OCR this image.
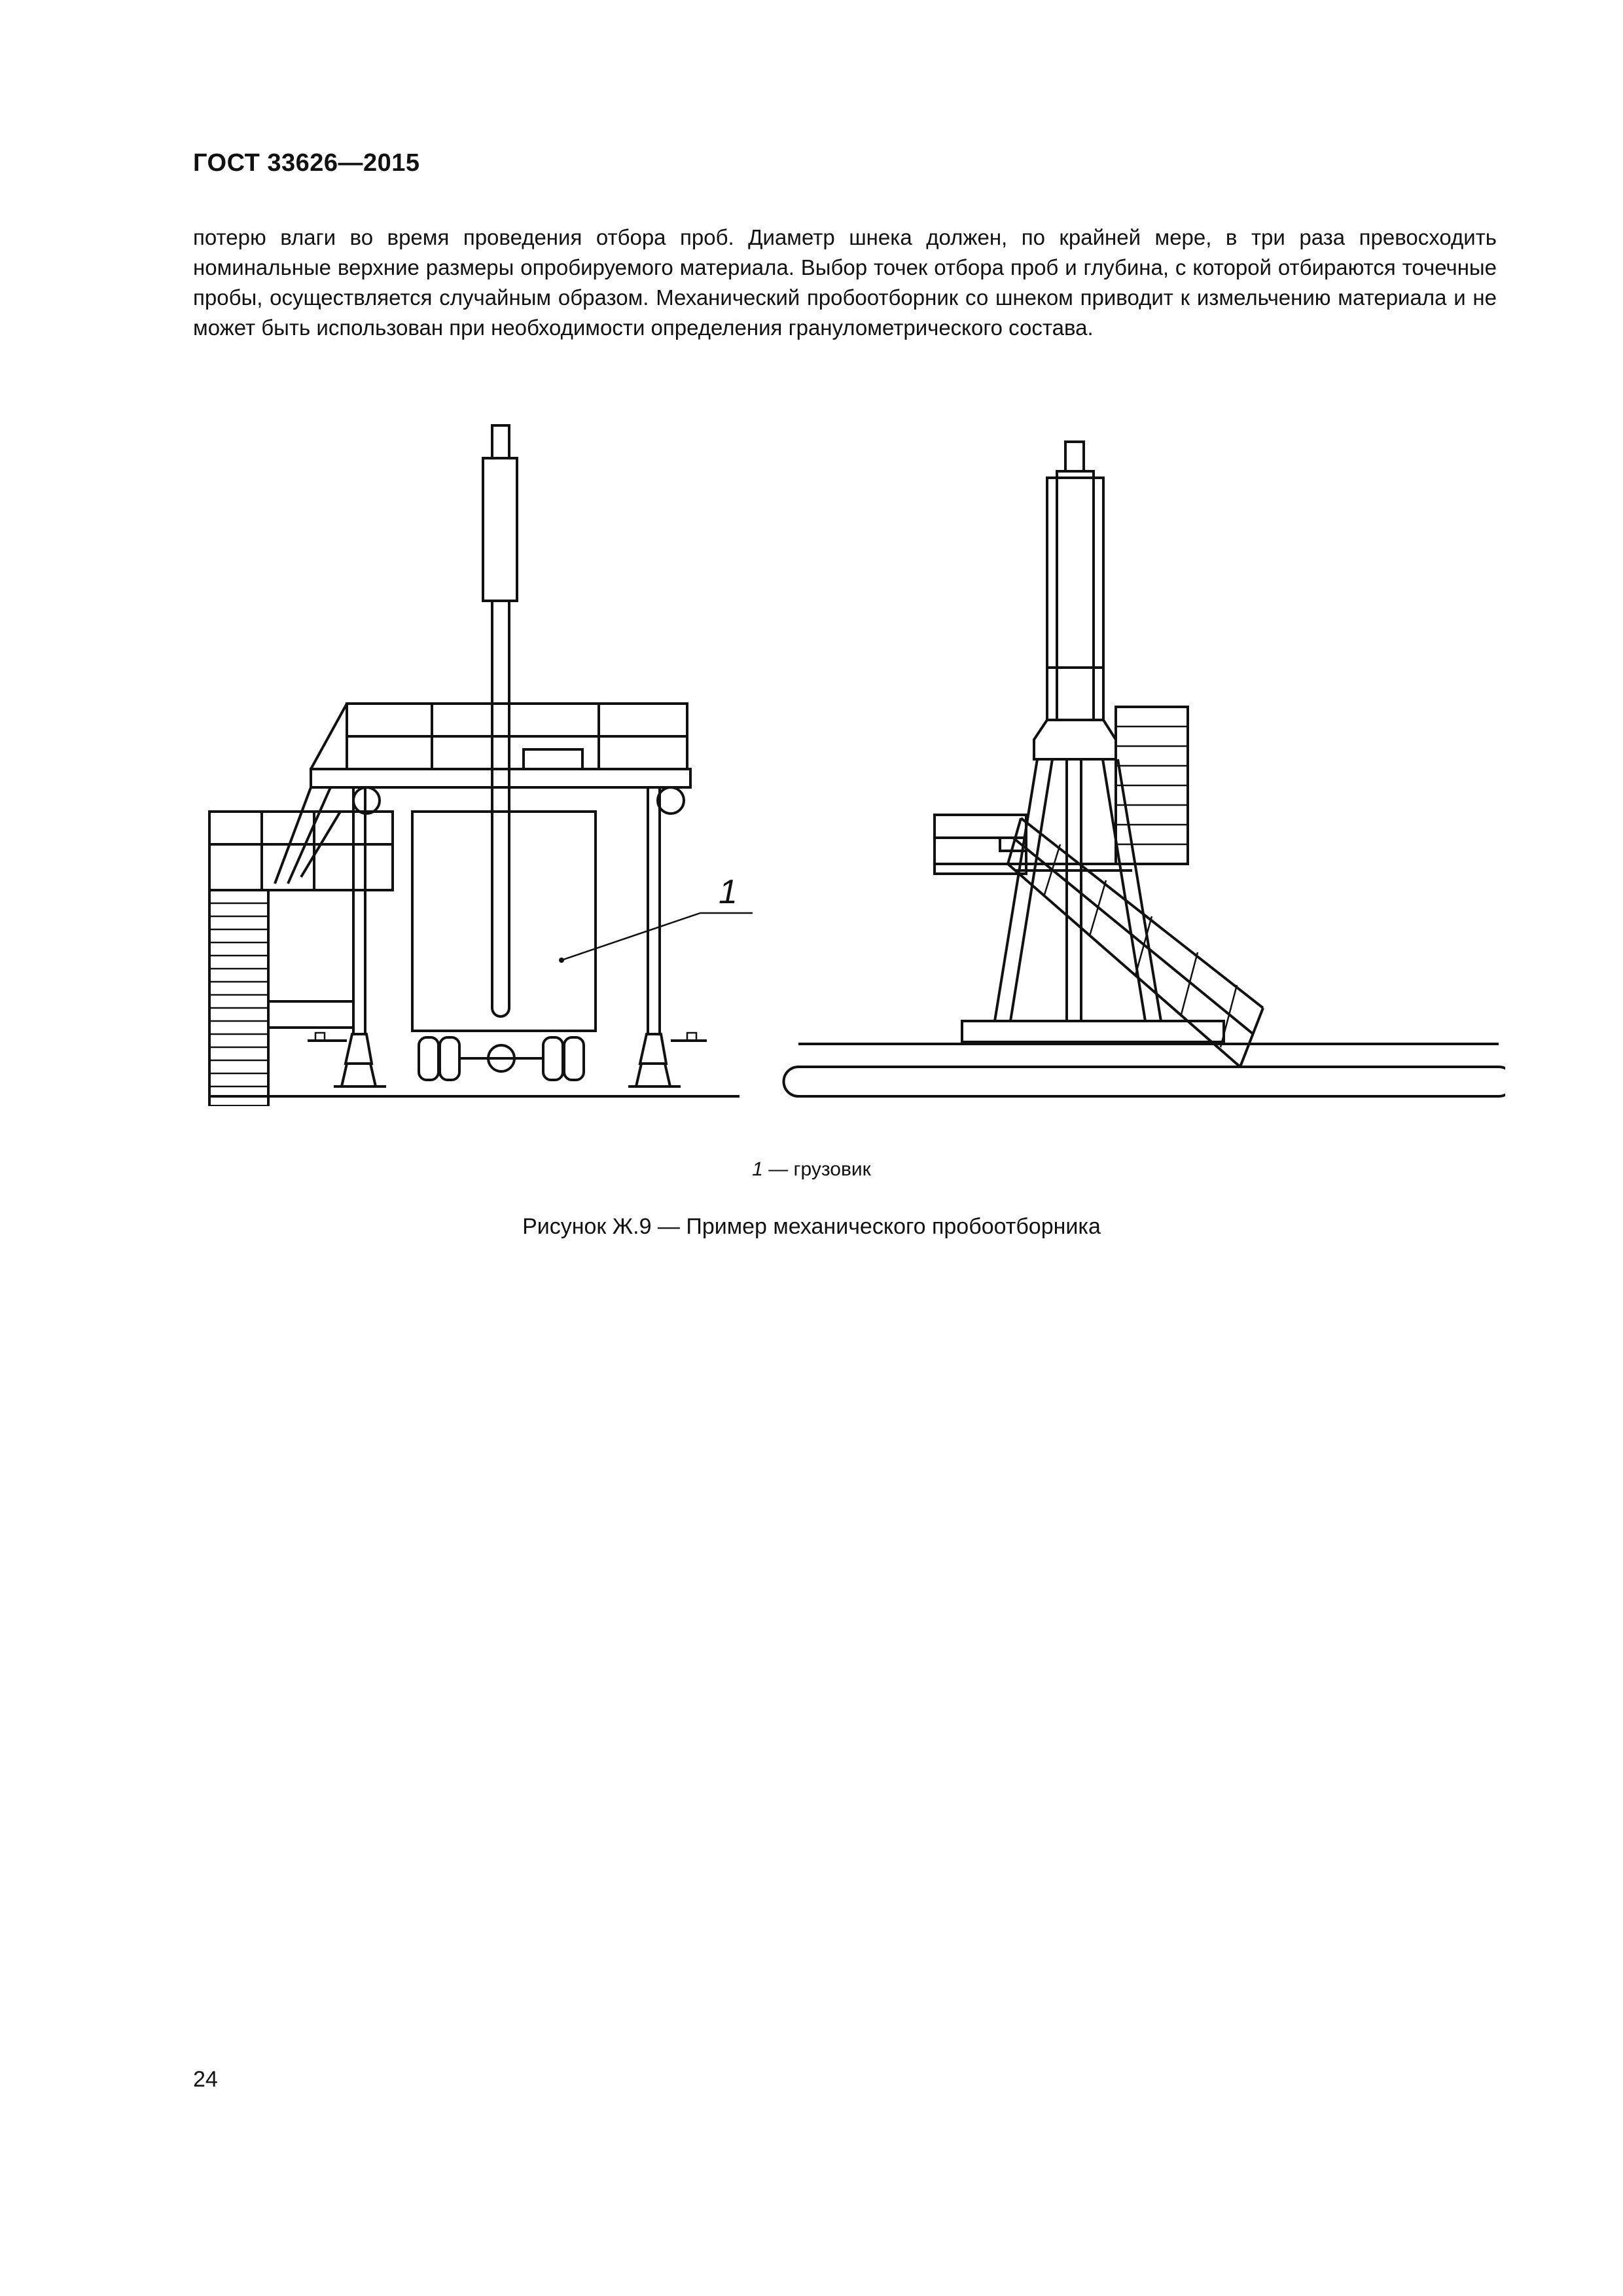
ГОСТ 33626—2015
потерю влаги во время проведения отбора проб. Диаметр шнека должен, по крайней мере, в три раза превосходить номинальные верхние размеры опробируемого материала. Выбор точек отбора проб и глубина, с которой отбираются точечные пробы, осуществляется случайным образом. Механический пробоотборник со шнеком приводит к измельчению материала и не может быть использован при необходимости определения гранулометрического состава.
1
1 — грузовик
Рисунок Ж.9 — Пример механического пробоотборника
24
